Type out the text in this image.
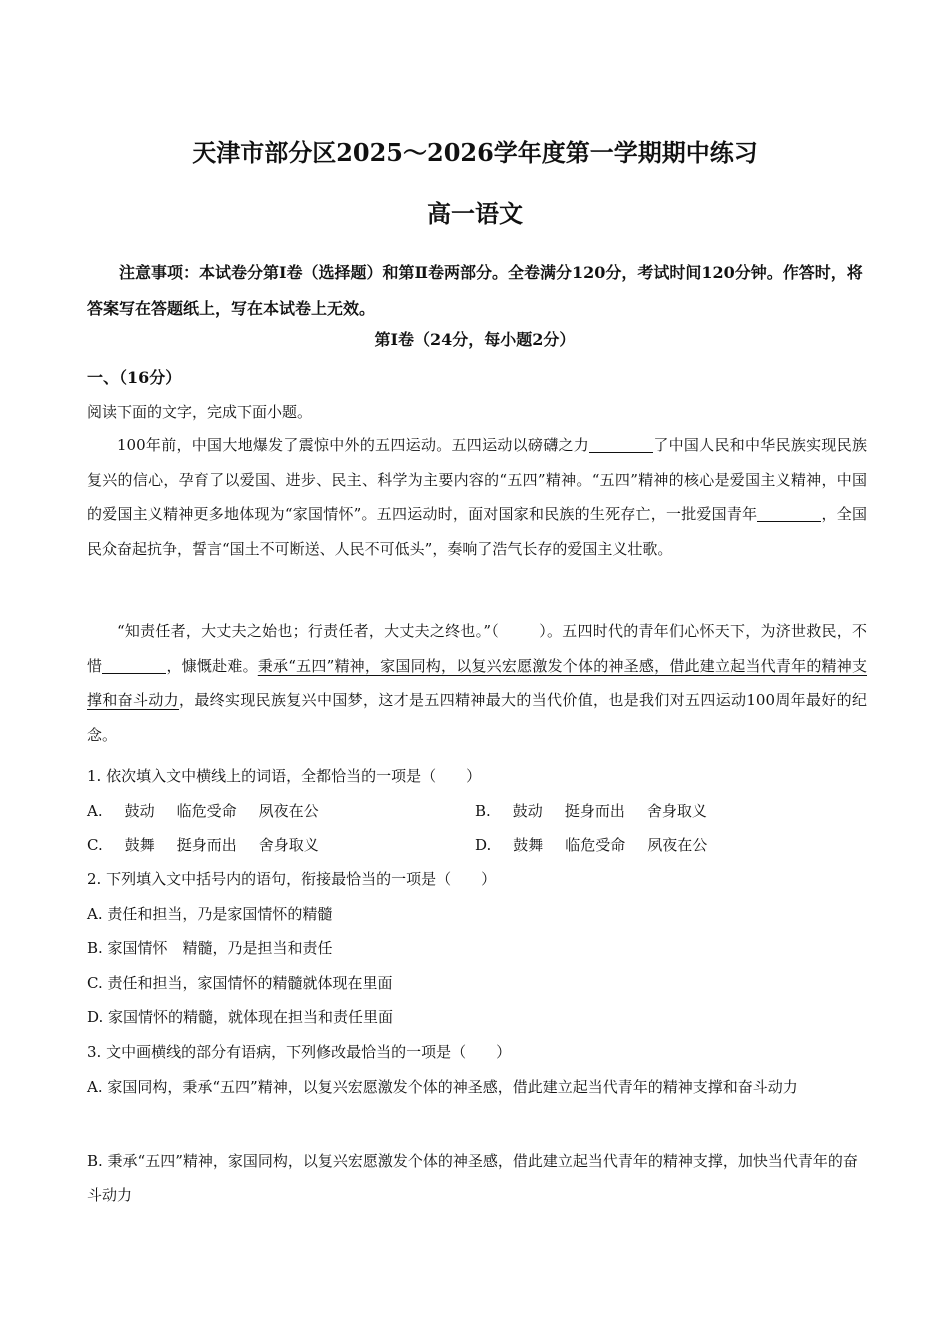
天津市部分区2025～2026学年度第一学期期中练习
高一语文
注意事项：本试卷分第Ⅰ卷（选择题）和第Ⅱ卷两部分。全卷满分120分，考试时间120分钟。作答时，将答案写在答题纸上，写在本试卷上无效。
第Ⅰ卷（24分，每小题2分）
一、（16分）
阅读下面的文字，完成下面小题。
100年前，中国大地爆发了震惊中外的五四运动。五四运动以磅礴之力	了中国人民和中华民族实现民族复兴的信心，孕育了以爱国、进步、民主、科学为主要内容的“五四”精神。“五四”精神的核心是爱国主义精神，中国的爱国主义精神更多地体现为“家国情怀”。五四运动时，面对国家和民族的生死存亡，一批爱国青年	，全国民众奋起抗争，誓言“国土不可断送、人民不可低头”，奏响了浩气长存的爱国主义壮歌。
“知责任者，大丈夫之始也；行责任者，大丈夫之终也。”（	）。五四时代的青年们心怀天下，为济世救民，不惜	，慷慨赴难。秉承“五四”精神，家国同构，以复兴宏愿激发个体的神圣感，借此建立起当代青年的精神支撑和奋斗动力，最终实现民族复兴中国梦，这才是五四精神最大的当代价值，也是我们对五四运动100周年最好的纪念。
1. 依次填入文中横线上的词语，全都恰当的一项是（　　）
A. 鼓动 临危受命 夙夜在公	B. 鼓动 挺身而出 舍身取义
C. 鼓舞 挺身而出 舍身取义	D. 鼓舞 临危受命 夙夜在公
2. 下列填入文中括号内的语句，衔接最恰当的一项是（　　）
A. 责任和担当，乃是家国情怀的精髓
B. 家国情怀　精髓，乃是担当和责任
C. 责任和担当，家国情怀的精髓就体现在里面
D. 家国情怀的精髓，就体现在担当和责任里面
3. 文中画横线的部分有语病，下列修改最恰当的一项是（　　）
A. 家国同构，秉承“五四”精神，以复兴宏愿激发个体的神圣感，借此建立起当代青年的精神支撑和奋斗动力
B. 秉承“五四”精神，家国同构，以复兴宏愿激发个体的神圣感，借此建立起当代青年的精神支撑，加快当代青年的奋斗动力
